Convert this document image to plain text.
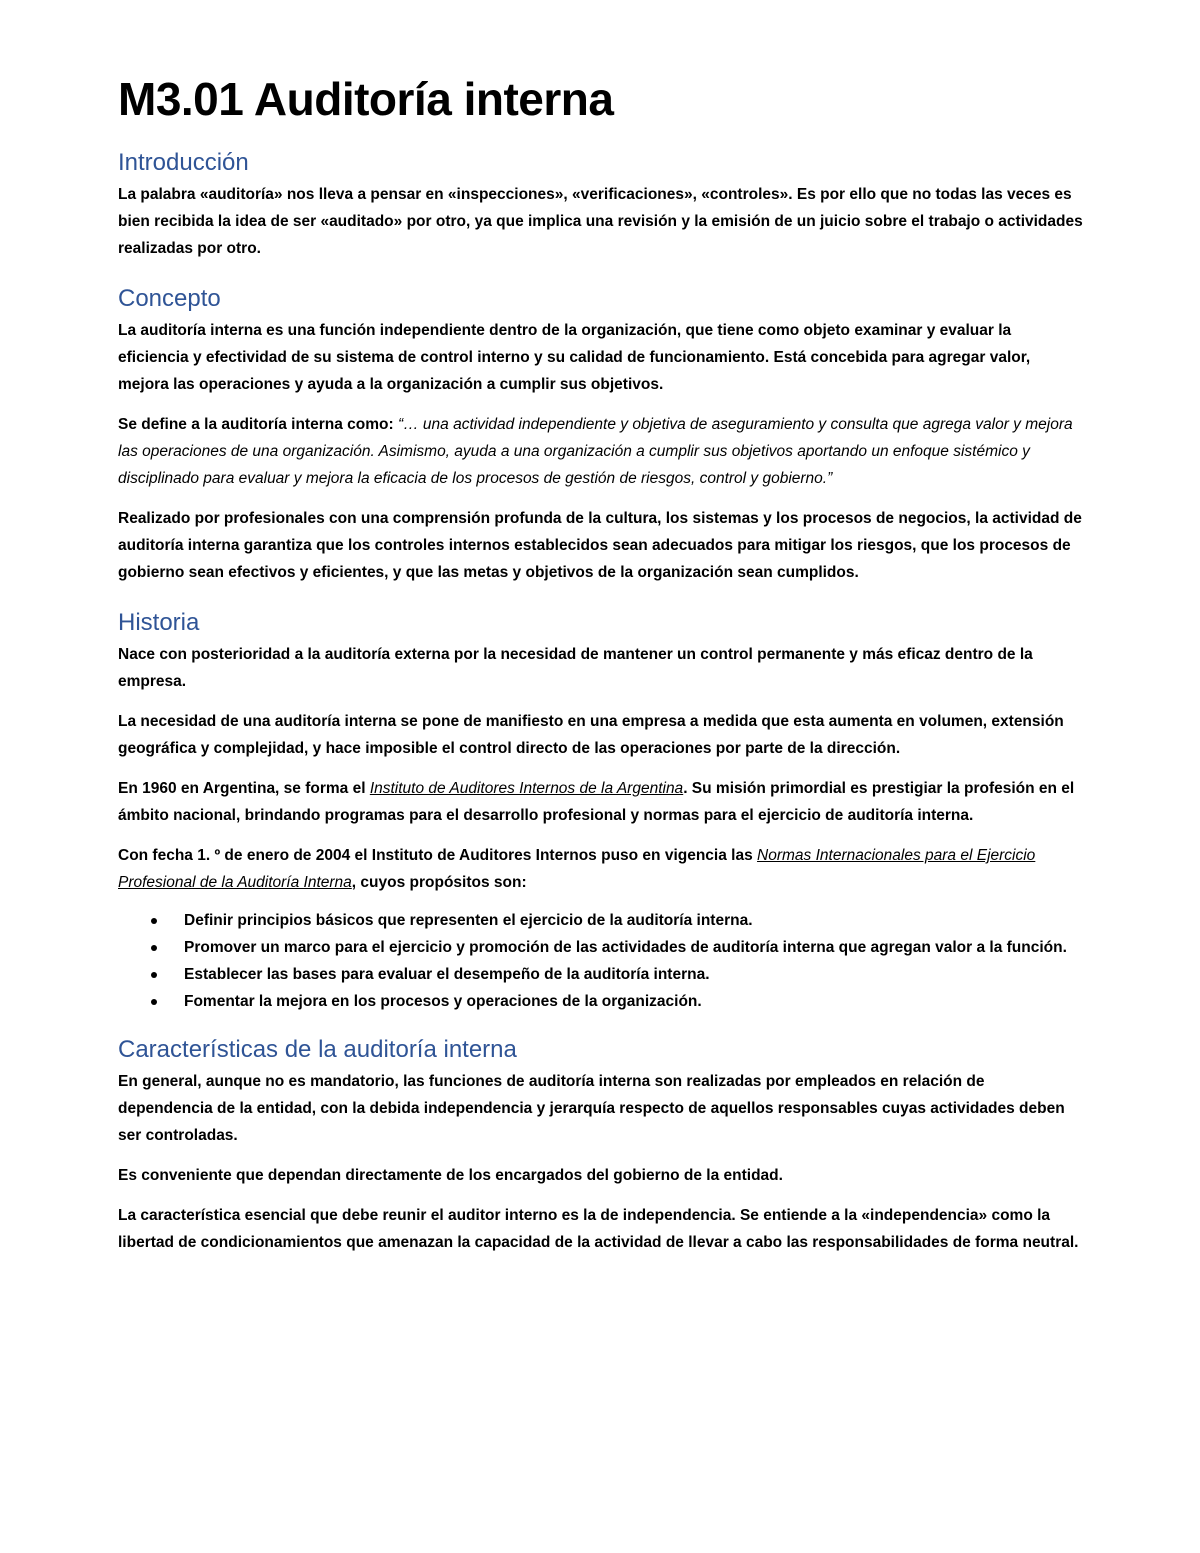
M3.01 Auditoría interna
Introducción

La palabra «auditoría» nos lleva a pensar en «inspecciones», «verificaciones», «controles». Es por ello que no todas las veces es bien recibida la idea de ser «auditado» por otro, ya que implica una revisión y la emisión de un juicio sobre el trabajo o actividades realizadas por otro.

Concepto

La auditoría interna es una función independiente dentro de la organización, que tiene como objeto examinar y evaluar la eficiencia y efectividad de su sistema de control interno y su calidad de funcionamiento. Está concebida para agregar valor, mejora las operaciones y ayuda a la organización a cumplir sus objetivos.

Se define a la auditoría interna como: “… una actividad independiente y objetiva de aseguramiento y consulta que agrega valor y mejora las operaciones de una organización. Asimismo, ayuda a una organización a cumplir sus objetivos aportando un enfoque sistémico y disciplinado para evaluar y mejora la eficacia de los procesos de gestión de riesgos, control y gobierno.”

Realizado por profesionales con una comprensión profunda de la cultura, los sistemas y los procesos de negocios, la actividad de auditoría interna garantiza que los controles internos establecidos sean adecuados para mitigar los riesgos, que los procesos de gobierno sean efectivos y eficientes, y que las metas y objetivos de la organización sean cumplidos.

Historia

Nace con posterioridad a la auditoría externa por la necesidad de mantener un control permanente y más eficaz dentro de la empresa.

La necesidad de una auditoría interna se pone de manifiesto en una empresa a medida que esta aumenta en volumen, extensión geográfica y complejidad, y hace imposible el control directo de las operaciones por parte de la dirección.

En 1960 en Argentina, se forma el Instituto de Auditores Internos de la Argentina. Su misión primordial es prestigiar la profesión en el ámbito nacional, brindando programas para el desarrollo profesional y normas para el ejercicio de auditoría interna.

Con fecha 1. º de enero de 2004 el Instituto de Auditores Internos puso en vigencia las Normas Internacionales para el Ejercicio Profesional de la Auditoría Interna, cuyos propósitos son:

Definir principios básicos que representen el ejercicio de la auditoría interna.
Promover un marco para el ejercicio y promoción de las actividades de auditoría interna que agregan valor a la función.
Establecer las bases para evaluar el desempeño de la auditoría interna.
Fomentar la mejora en los procesos y operaciones de la organización.
Características de la auditoría interna

En general, aunque no es mandatorio, las funciones de auditoría interna son realizadas por empleados en relación de dependencia de la entidad, con la debida independencia y jerarquía respecto de aquellos responsables cuyas actividades deben ser controladas.

Es conveniente que dependan directamente de los encargados del gobierno de la entidad.

La característica esencial que debe reunir el auditor interno es la de independencia. Se entiende a la «independencia» como la libertad de condicionamientos que amenazan la capacidad de la actividad de llevar a cabo las responsabilidades de forma neutral.
